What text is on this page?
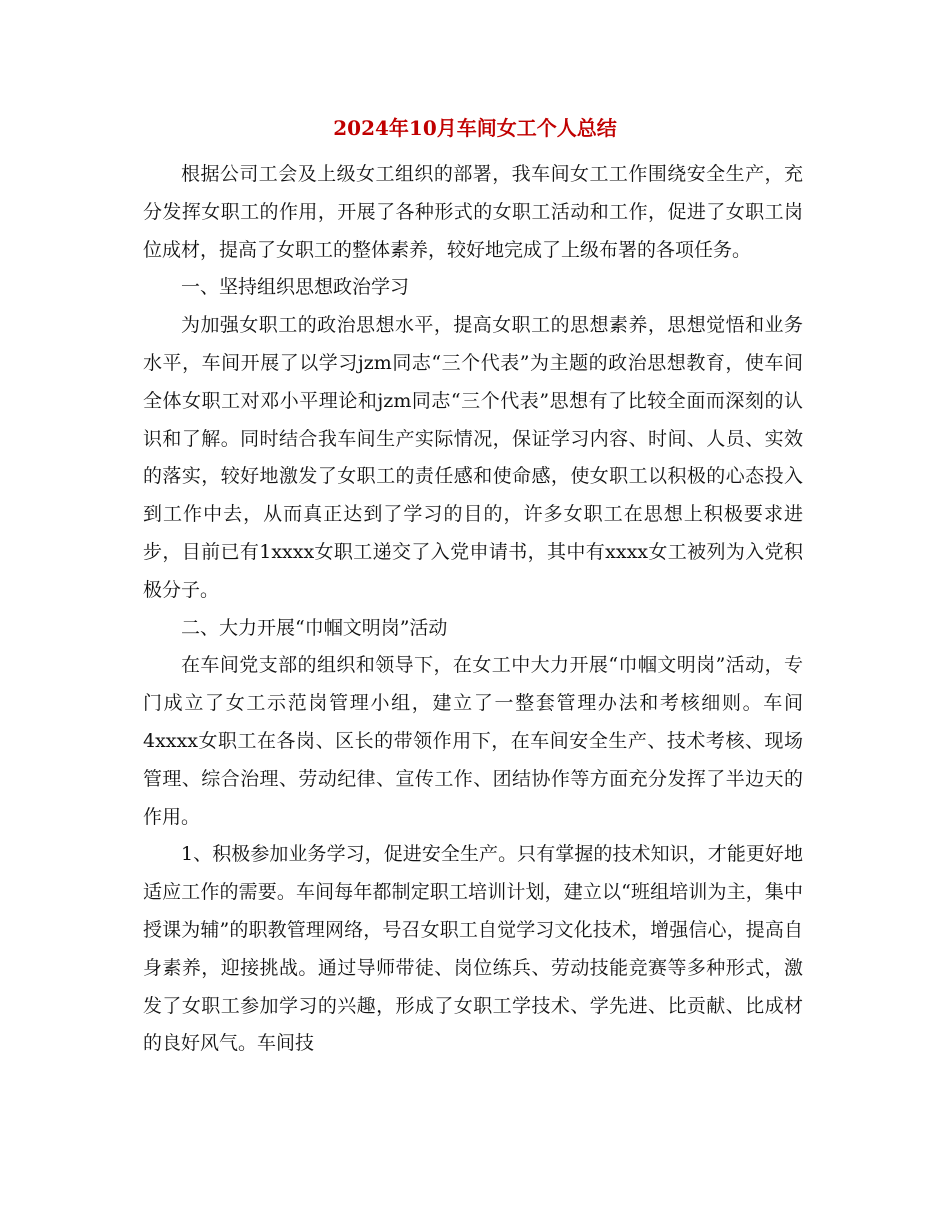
2024年10月车间女工个人总结

根据公司工会及上级女工组织的部署，我车间女工工作围绕安全生产，充分发挥女职工的作用，开展了各种形式的女职工活动和工作，促进了女职工岗位成材，提高了女职工的整体素养，较好地完成了上级布署的各项任务。

一、坚持组织思想政治学习

为加强女职工的政治思想水平，提高女职工的思想素养，思想觉悟和业务水平，车间开展了以学习jzm同志“三个代表”为主题的政治思想教育，使车间全体女职工对邓小平理论和jzm同志“三个代表”思想有了比较全面而深刻的认识和了解。同时结合我车间生产实际情况，保证学习内容、时间、人员、实效的落实，较好地激发了女职工的责任感和使命感，使女职工以积极的心态投入到工作中去，从而真正达到了学习的目的，许多女职工在思想上积极要求进步，目前已有1xxxx女职工递交了入党申请书，其中有xxxx女工被列为入党积极分子。

二、大力开展“巾帼文明岗”活动

在车间党支部的组织和领导下，在女工中大力开展“巾帼文明岗”活动，专门成立了女工示范岗管理小组，建立了一整套管理办法和考核细则。车间4xxxx女职工在各岗、区长的带领作用下，在车间安全生产、技术考核、现场管理、综合治理、劳动纪律、宣传工作、团结协作等方面充分发挥了半边天的作用。

1、积极参加业务学习，促进安全生产。只有掌握的技术知识，才能更好地适应工作的需要。车间每年都制定职工培训计划，建立以“班组培训为主，集中授课为辅”的职教管理网络，号召女职工自觉学习文化技术，增强信心，提高自身素养，迎接挑战。通过导师带徒、岗位练兵、劳动技能竞赛等多种形式，激发了女职工参加学习的兴趣，形成了女职工学技术、学先进、比贡献、比成材的良好风气。车间技
